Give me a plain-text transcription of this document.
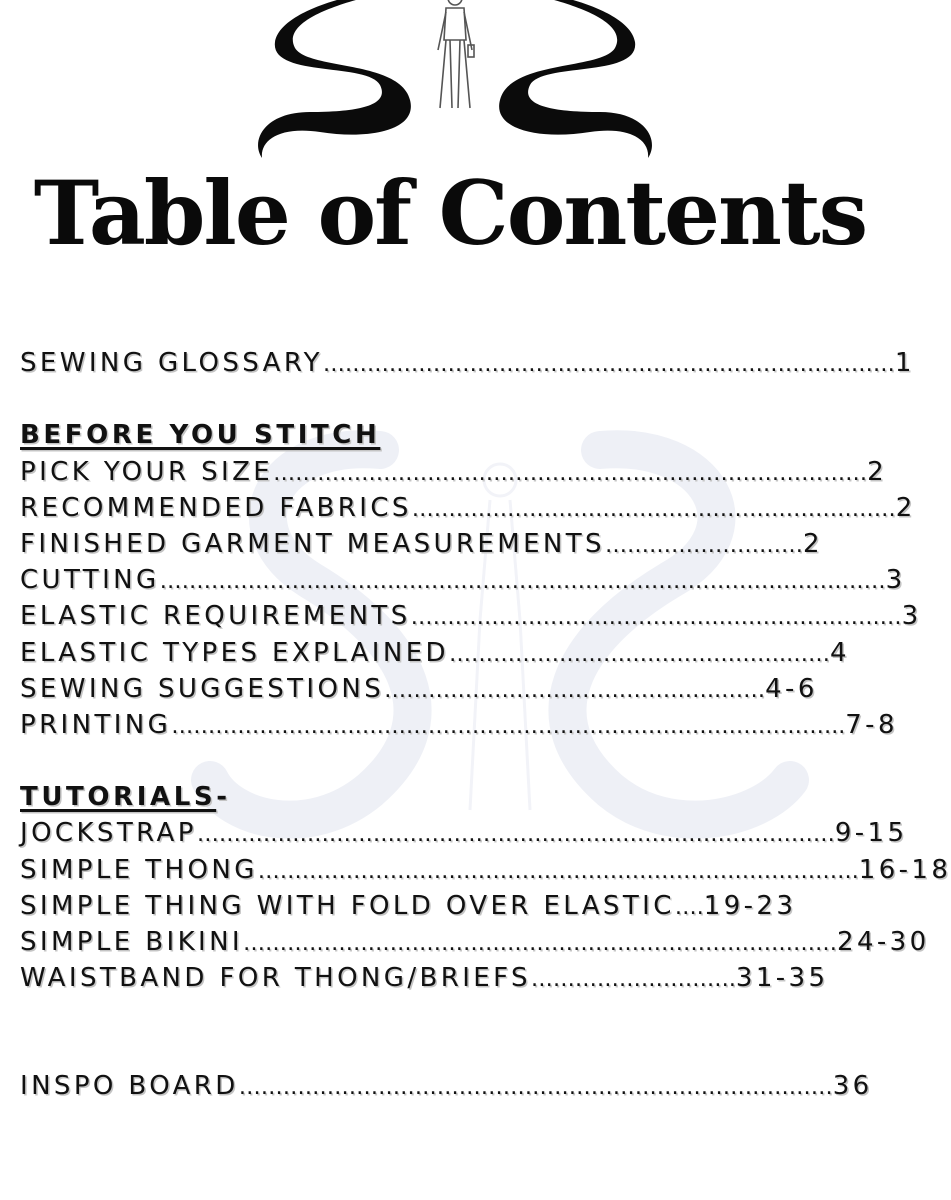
Table of Contents
SEWING GLOSSARY……………………………………………………………………1
BEFORE YOU STITCH
PICK YOUR SIZE………………………………………………………………………2
RECOMMENDED FABRICS…………………………………………………………2
FINISHED GARMENT MEASUREMENTS………………………2
CUTTING………………………………………………………………………………………3
ELASTIC REQUIREMENTS……………………………………………………….…3
ELASTIC TYPES EXPLAINED……………………………………….……4
SEWING SUGGESTIONS……………………………………….……4-6
PRINTING………………………………………………………………………………..7-8
TUTORIALS-
JOCKSTRAP……………………………………………………………………………9-15
SIMPLE THONG……………………………………………………………………….16-18
SIMPLE THING WITH FOLD OVER ELASTIC….19-23
SIMPLE BIKINI………………………………………………………………………24-30
WAISTBAND FOR THONG/BRIEFS……………………….31-35
INSPO BOARD………………………………………………………………………36
